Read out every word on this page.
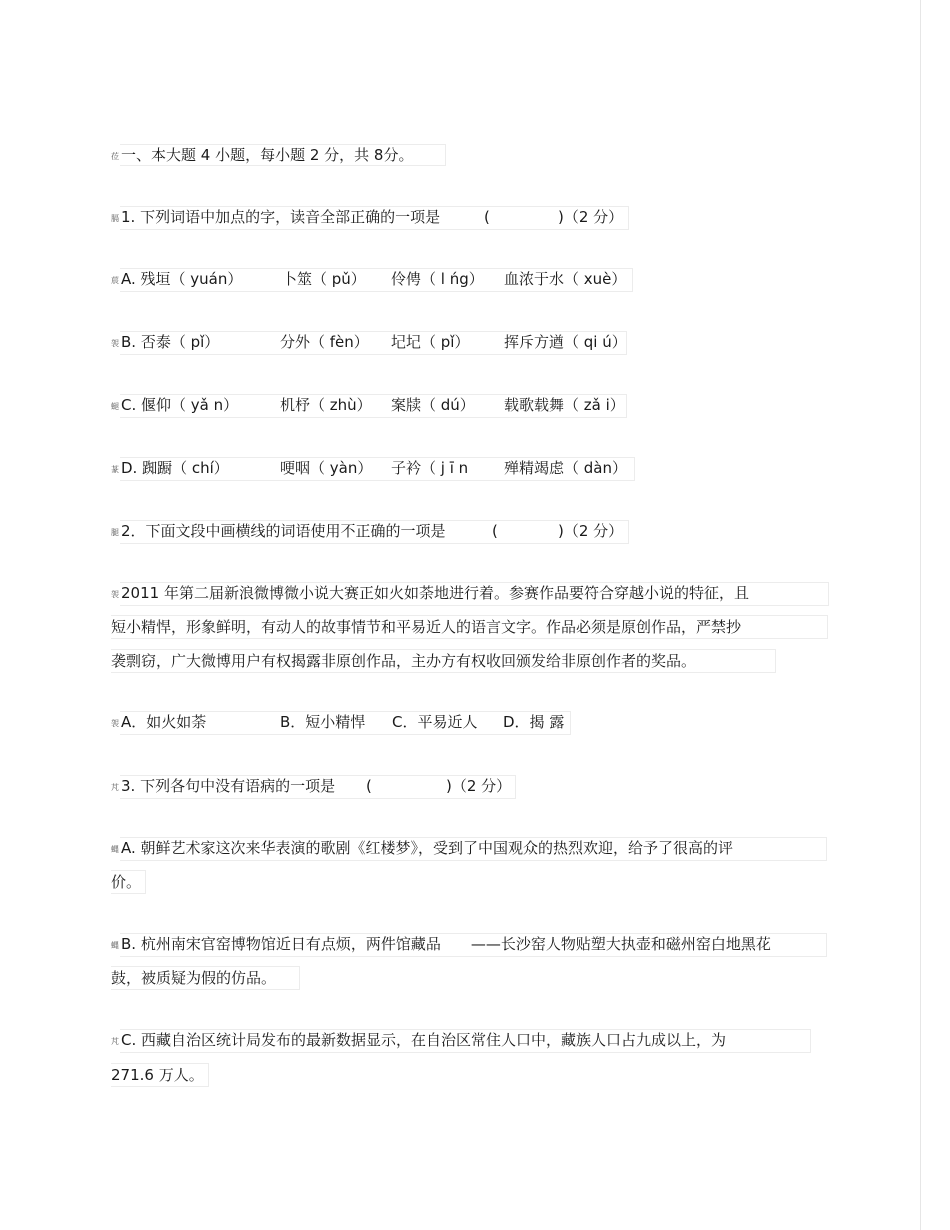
莅 一、本大题 4 小题，每小题 2 分，共 8分。
膈 1. 下列词语中加点的字，读音全部正确的一项是	(	)（2 分）
莀 A. 残垣（ yuán）	卜筮（ pǔ） 伶俜（ l ńg） 血浓于水（ xuè）
袈 B. 否泰（ pǐ）	分外（ fèn） 圮圮（ pǐ） 挥斥方遒（ qi ú）
螁 C. 偃仰（ yǎ n）	机杼（ zhù） 案牍（ dú） 载歌载舞（ zǎ i）
蒃 D. 踟蹰（ chí）	哽咽（ yàn） 子衿（ j ī n 殚精竭虑（ dàn）
腿 2．下面文段中画横线的词语使用不正确的一项是	(	)（2 分）
袈 2011 年第二届新浪微博微小说大赛正如火如荼地进行着。参赛作品要符合穿越小说的特征，且
短小精悍，形象鲜明，有动人的故事情节和平易近人的语言文字。作品必须是原创作品，严禁抄
袭剽窃，广大微博用户有权揭露非原创作品，主办方有权收回颁发给非原创作者的奖品。
袈 A．如火如荼	B．短小精悍 C．平易近人 D．揭 露
芃 3. 下列各句中没有语病的一项是 (	)（2 分）
蝿 A. 朝鲜艺术家这次来华表演的歌剧《红楼梦》，受到了中国观众的热烈欢迎，给予了很高的评
价。
蝿 B. 杭州南宋官窑博物馆近日有点烦，两件馆藏品　　——长沙窑人物贴塑大执壶和磁州窑白地黑花
鼓，被质疑为假的仿品。
芃 C. 西藏自治区统计局发布的最新数据显示，在自治区常住人口中，藏族人口占九成以上，为
271.6 万人。
